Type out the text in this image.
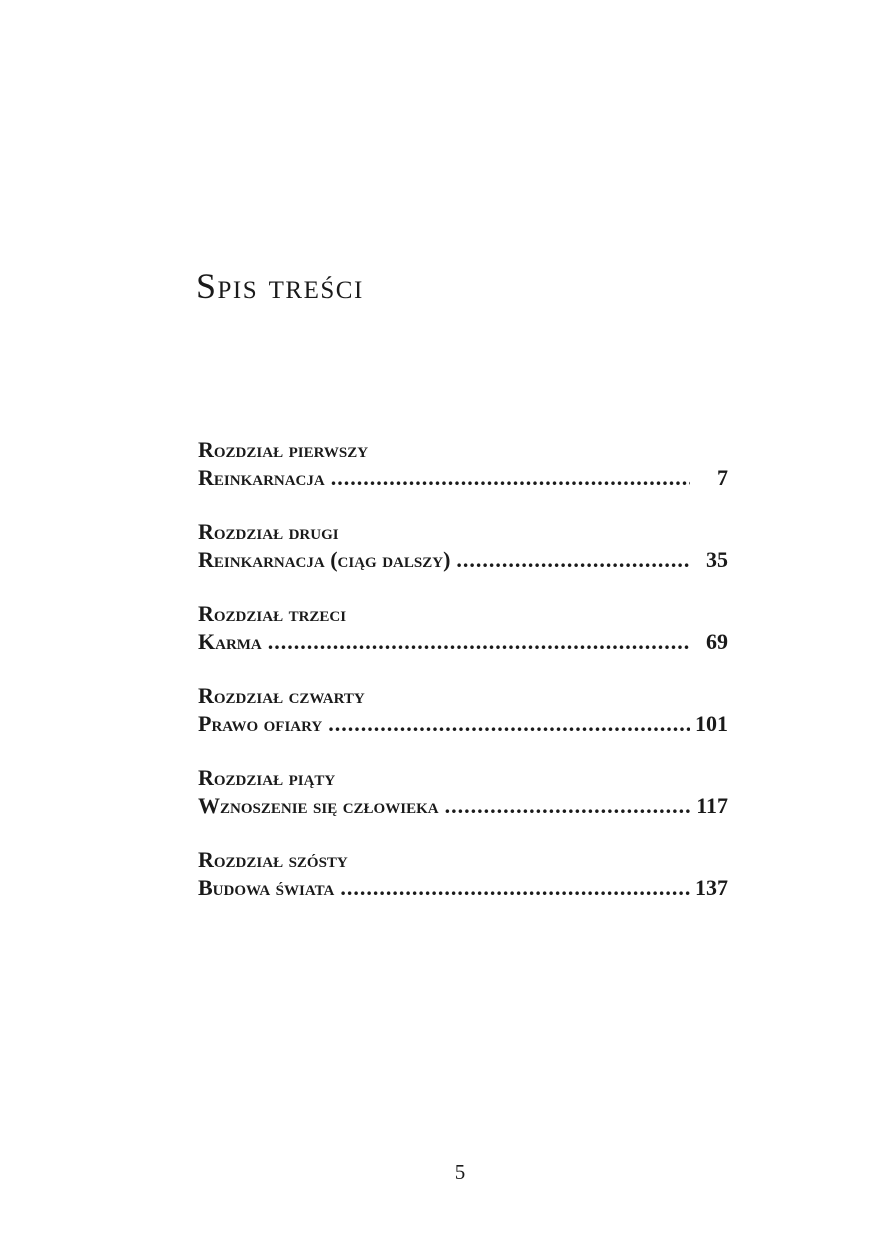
Spis treści
Rozdział pierwszy
Reinkarnacja .....	7
Rozdział drugi
Reinkarnacja (ciąg dalszy) .....	35
Rozdział trzeci
Karma .....	69
Rozdział czwarty
Prawo ofiary .....	101
Rozdział piąty
Wznoszenie się człowieka .....	117
Rozdział szósty
Budowa świata .....	137
5
